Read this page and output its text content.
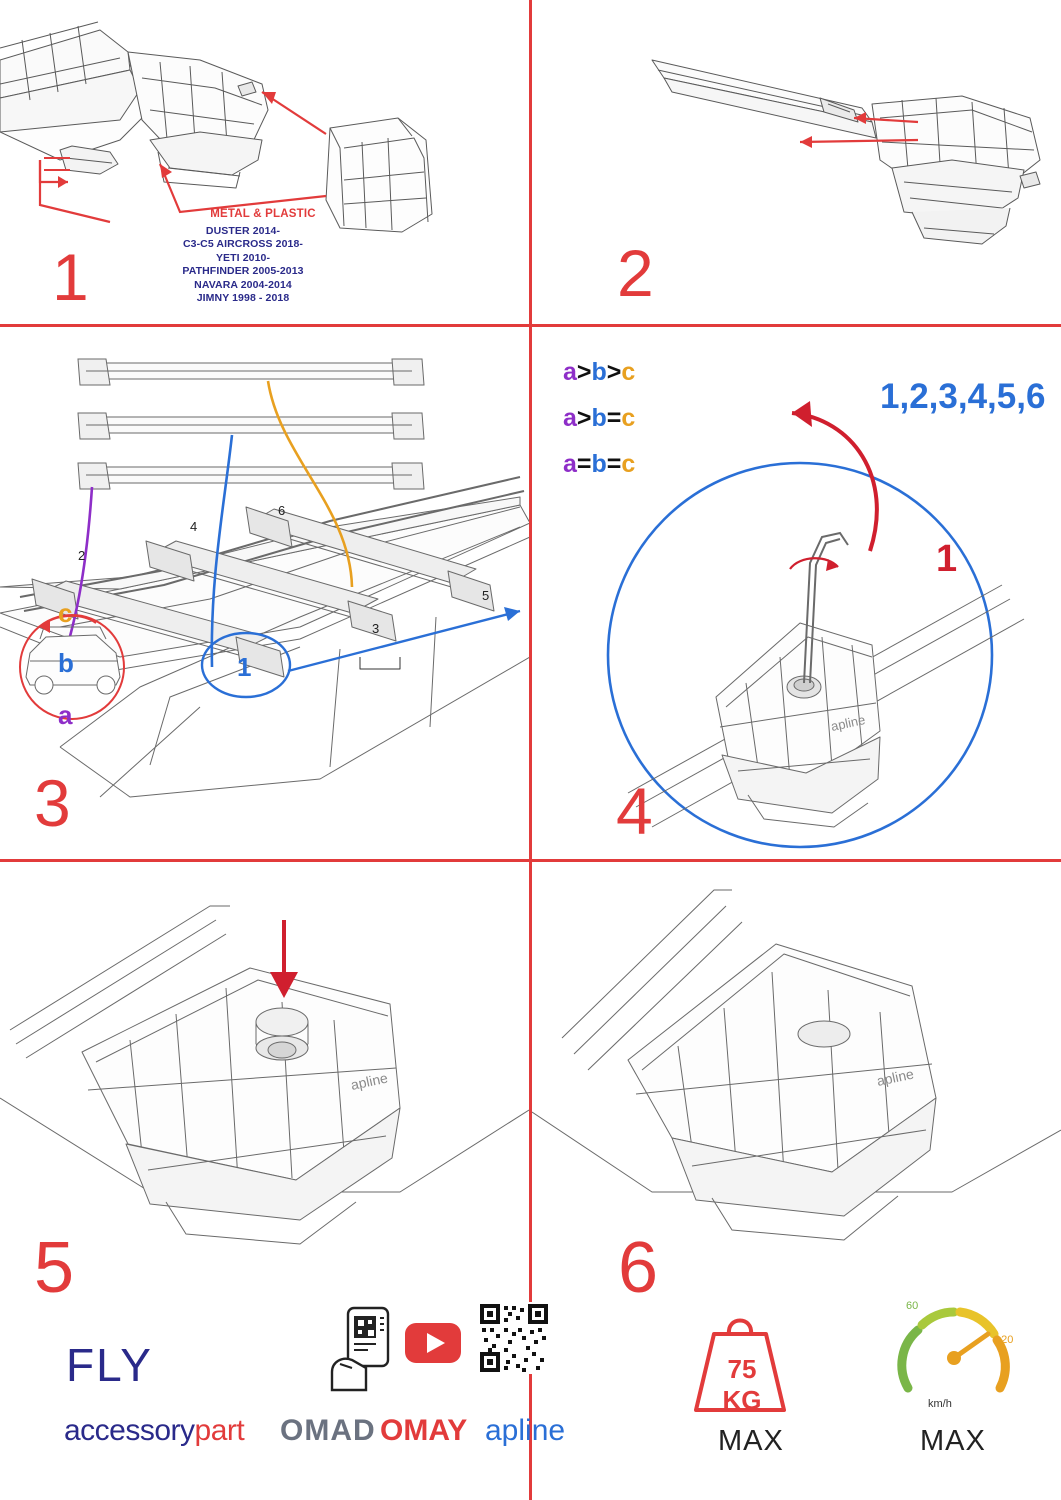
METAL & PLASTIC
DUSTER 2014-
C3-C5 AIRCROSS 2018-
YETI 2010-
PATHFINDER 2005-2013
NAVARA 2004-2014
JIMNY 1998 - 2018
1	2
a
b
c
2
4
6
3
5
1
a>b>c
a>b=c
a=b=c
3
apline
1,2,3,4,5,6
1
4
apline
5
apline
6
FLY
accessorypart OMAD OMAY apline
75 KG
MAX
60
120
km/h
MAX
